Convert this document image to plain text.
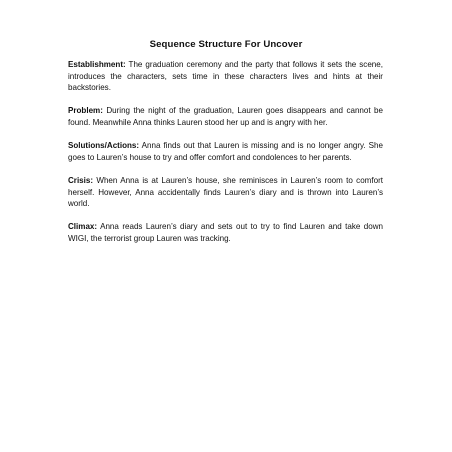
Sequence Structure For Uncover

Establishment: The graduation ceremony and the party that follows it sets the scene, introduces the characters, sets time in these characters lives and hints at their backstories.

Problem: During the night of the graduation, Lauren goes disappears and cannot be found. Meanwhile Anna thinks Lauren stood her up and is angry with her.

Solutions/Actions: Anna finds out that Lauren is missing and is no longer angry. She goes to Lauren’s house to try and offer comfort and condolences to her parents.

Crisis: When Anna is at Lauren’s house, she reminisces in Lauren’s room to comfort herself. However, Anna accidentally finds Lauren’s diary and is thrown into Lauren’s world.

Climax: Anna reads Lauren’s diary and sets out to try to find Lauren and take down WIGI, the terrorist group Lauren was tracking.
